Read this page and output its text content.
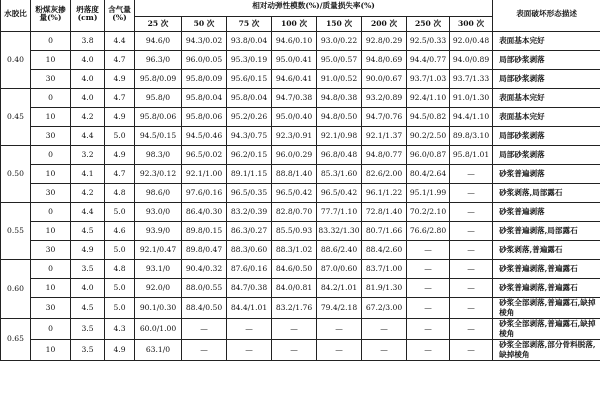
水胶比	粉煤灰掺量(%)	坍落度(cm)	含气量(%)	相对动弹性模数(%)/质量损失率(%)								表面破坏形态描述
				25 次	50 次	75 次	100 次	150 次	200 次	250 次	300 次	
0.40	0	3.8	4.4	94.6/0	94.3/0.02	93.8/0.04	94.6/0.10	93.0/0.22	92.8/0.29	92.5/0.33	92.0/0.48	表面基本完好
	10	4.0	4.7	96.3/0	96.0/0.05	95.3/0.19	95.0/0.41	95.0/0.57	94.8/0.69	94.4/0.77	94.0/0.89	局部砂浆剥落
	30	4.0	4.9	95.8/0.09	95.8/0.09	95.6/0.15	94.6/0.41	91.0/0.52	90.0/0.67	93.7/1.03	93.7/1.33	局部砂浆剥落
0.45	0	4.0	4.7	95.8/0	95.8/0.04	95.8/0.04	94.7/0.38	94.8/0.38	93.2/0.89	92.4/1.10	91.0/1.30	表面基本完好
	10	4.2	4.9	95.8/0.06	95.8/0.06	95.2/0.26	95.0/0.40	94.8/0.50	94.7/0.76	94.5/0.82	94.4/1.10	表面基本完好
	30	4.4	5.0	94.5/0.15	94.5/0.46	94.3/0.75	92.3/0.91	92.1/0.98	92.1/1.37	90.2/2.50	89.8/3.10	局部砂浆剥落
0.50	0	3.2	4.9	98.3/0	96.5/0.02	96.2/0.15	96.0/0.29	96.8/0.48	94.8/0.77	96.0/0.87	95.8/1.01	局部砂浆剥落
	10	4.1	4.7	92.3/0.12	92.1/1.00	89.1/1.15	88.8/1.40	85.3/1.60	82.6/2.00	80.4/2.64	—	砂浆普遍剥落
	30	4.2	4.8	98.6/0	97.6/0.16	96.5/0.35	96.5/0.42	96.5/0.42	96.1/1.22	95.1/1.99	—	砂浆剥落,局部露石
0.55	0	4.4	5.0	93.0/0	86.4/0.30	83.2/0.39	82.8/0.70	77.7/1.10	72.8/1.40	70.2/2.10	—	砂浆普遍剥落
	10	4.5	4.6	93.9/0	89.8/0.15	86.3/0.27	85.5/0.93	83.32/1.30	80.7/1.66	76.6/2.80	—	砂浆普遍剥落,局部露石
	30	4.9	5.0	92.1/0.47	89.8/0.47	88.3/0.60	88.3/1.02	88.6/2.40	88.4/2.60	—	—	砂浆剥落,普遍露石
0.60	0	3.5	4.8	93.1/0	90.4/0.32	87.6/0.16	84.6/0.50	87.0/0.60	83.7/1.00	—	—	砂浆普遍剥落,普遍露石
	10	4.0	5.0	92.0/0	88.0/0.55	84.7/0.38	84.0/0.81	84.2/1.01	81.9/1.30	—	—	砂浆普遍剥落,普遍露石
	30	4.5	5.0	90.1/0.30	88.4/0.50	84.4/1.01	83.2/1.76	79.4/2.18	67.2/3.00	—	—	砂浆全部剥落,普遍露石,缺掉棱角
0.65	0	3.5	4.3	60.0/1.00	—	—	—	—	—	—	—	砂浆全部剥落,普遍露石,缺掉棱角
	10	3.5	4.9	63.1/0	—	—	—	—	—	—	—	砂浆全部剥落,部分骨料脱落,缺掉棱角
